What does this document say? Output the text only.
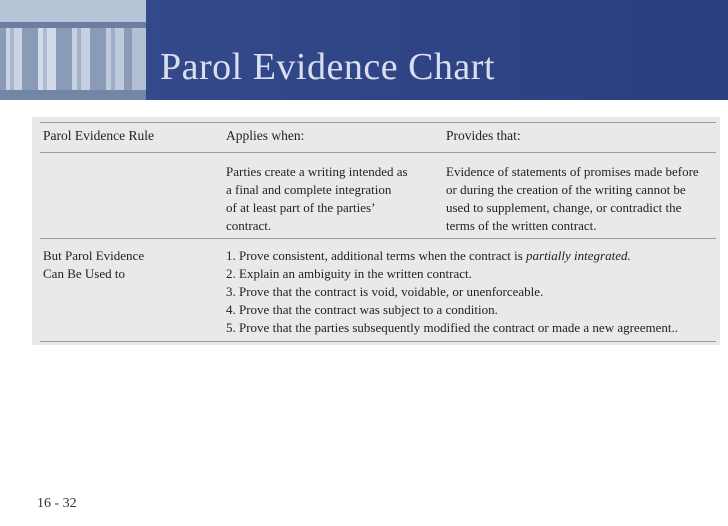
Parol Evidence Chart
Parol Evidence Rule	Applies when:	Provides that:
Parties create a writing intended as
a final and complete integration
of at least part of the parties’
contract.
Evidence of statements of promises made before
or during the creation of the writing cannot be
used to supplement, change, or contradict the
terms of the written contract.
But Parol Evidence
Can Be Used to
1. Prove consistent, additional terms when the contract is partially integrated.
2. Explain an ambiguity in the written contract.
3. Prove that the contract is void, voidable, or unenforceable.
4. Prove that the contract was subject to a condition.
5. Prove that the parties subsequently modified the contract or made a new agreement..
16 - 32
